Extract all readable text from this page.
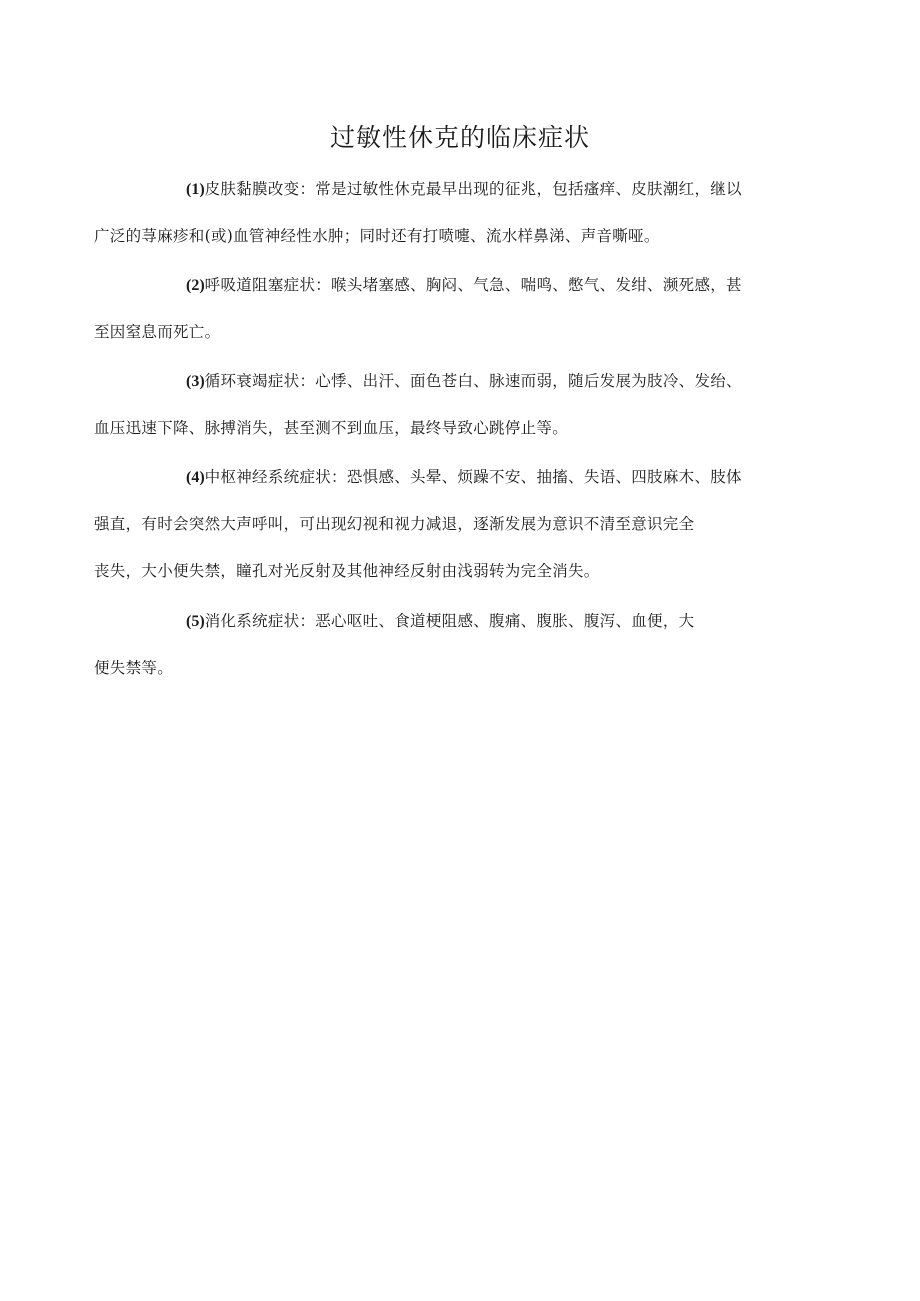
过敏性休克的临床症状

(1)皮肤黏膜改变：常是过敏性休克最早出现的征兆，包括瘙痒、皮肤潮红，继以
广泛的荨麻疹和(或)血管神经性水肿；同时还有打喷嚏、流水样鼻涕、声音嘶哑。

(2)呼吸道阻塞症状：喉头堵塞感、胸闷、气急、喘鸣、憋气、发绀、濒死感，甚
至因窒息而死亡。

(3)循环衰竭症状：心悸、出汗、面色苍白、脉速而弱，随后发展为肢冷、发绐、
血压迅速下降、脉搏消失，甚至测不到血压，最终导致心跳停止等。

(4)中枢神经系统症状：恐惧感、头晕、烦躁不安、抽搐、失语、四肢麻木、肢体
强直，有时会突然大声呼叫，可出现幻视和视力减退，逐渐发展为意识不清至意识完全
丧失，大小便失禁，瞳孔对光反射及其他神经反射由浅弱转为完全消失。

(5)消化系统症状：恶心呕吐、食道梗阻感、腹痛、腹胀、腹泻、血便，大
便失禁等。
